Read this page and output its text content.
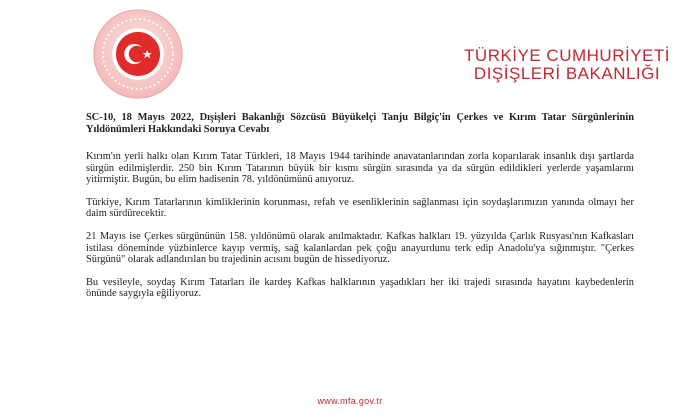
TÜRKİYE CUMHURİYETİ
DIŞİŞLERİ BAKANLIĞI

SC-10, 18 Mayıs 2022, Dışişleri Bakanlığı Sözcüsü Büyükelçi Tanju Bilgiç'in Çerkes ve Kırım Tatar Sürgünlerinin Yıldönümleri Hakkındaki Soruya Cevabı

Kırım'ın yerli halkı olan Kırım Tatar Türkleri, 18 Mayıs 1944 tarihinde anavatanlarından zorla koparılarak insanlık dışı şartlarda sürgün edilmişlerdir. 250 bin Kırım Tatarının büyük bir kısmı sürgün sırasında ya da sürgün edildikleri yerlerde yaşamlarını yitirmiştir. Bugün, bu elim hadisenin 78. yıldönümünü anıyoruz.

Türkiye, Kırım Tatarlarının kimliklerinin korunması, refah ve esenliklerinin sağlanması için soydaşlarımızın yanında olmayı her daim sürdürecektir.

21 Mayıs ise Çerkes sürgününün 158. yıldönümü olarak anılmaktadır. Kafkas halkları 19. yüzyılda Çarlık Rusyası'nın Kafkasları istilası döneminde yüzbinlerce kayıp vermiş, sağ kalanlardan pek çoğu anayurdunu terk edip Anadolu'ya sığınmıştır. "Çerkes Sürgünü" olarak adlandırılan bu trajedinin acısını bugün de hissediyoruz.

Bu vesileyle, soydaş Kırım Tatarları ile kardeş Kafkas halklarının yaşadıkları her iki trajedi sırasında hayatını kaybedenlerin önünde saygıyla eğiliyoruz.

www.mfa.gov.tr
